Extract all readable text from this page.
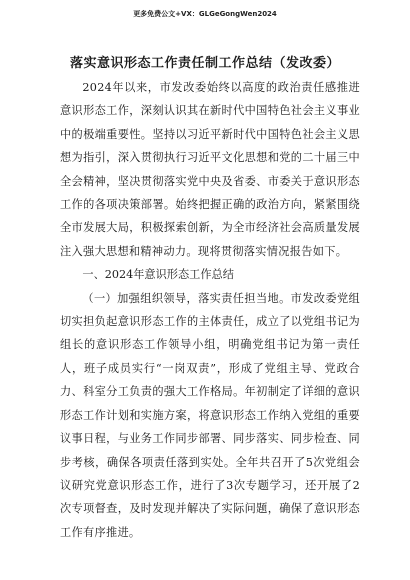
更多免费公文+VX：GLGeGongWen2024
落实意识形态工作责任制工作总结（发改委）

2024年以来，市发改委始终以高度的政治责任感推进意识形态工作，深刻认识其在新时代中国特色社会主义事业中的极端重要性。坚持以习近平新时代中国特色社会主义思想为指引，深入贯彻执行习近平文化思想和党的二十届三中全会精神，坚决贯彻落实党中央及省委、市委关于意识形态工作的各项决策部署。始终把握正确的政治方向，紧紧围绕全市发展大局，积极探索创新，为全市经济社会高质量发展注入强大思想和精神动力。现将贯彻落实情况报告如下。

一、2024年意识形态工作总结

（一）加强组织领导，落实责任担当地。市发改委党组切实担负起意识形态工作的主体责任，成立了以党组书记为组长的意识形态工作领导小组，明确党组书记为第一责任人，班子成员实行“一岗双责”，形成了党组主导、党政合力、科室分工负责的强大工作格局。年初制定了详细的意识形态工作计划和实施方案，将意识形态工作纳入党组的重要议事日程，与业务工作同步部署、同步落实、同步检查、同步考核，确保各项责任落到实处。全年共召开了5次党组会议研究党意识形态工作，进行了3次专题学习，还开展了2次专项督查，及时发现并解决了实际问题，确保了意识形态工作有序推进。
